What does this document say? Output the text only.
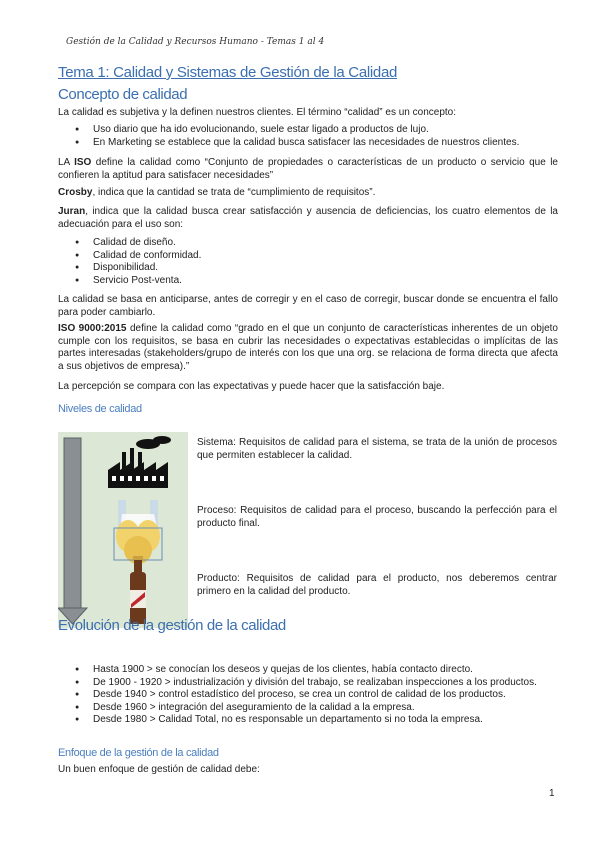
Gestión de la Calidad y Recursos Humano - Temas 1 al 4
Tema 1: Calidad y Sistemas de Gestión de la Calidad
Concepto de calidad
La calidad es subjetiva y la definen nuestros clientes. El término “calidad” es un concepto:
● Uso diario que ha ido evolucionando, suele estar ligado a productos de lujo.
● En Marketing se establece que la calidad busca satisfacer las necesidades de nuestros clientes.
LA ISO define la calidad como “Conjunto de propiedades o características de un producto o servicio que le confieren la aptitud para satisfacer necesidades”
Crosby, indica que la cantidad se trata de “cumplimiento de requisitos”.
Juran, indica que la calidad busca crear satisfacción y ausencia de deficiencias, los cuatro elementos de la adecuación para el uso son:
● Calidad de diseño.
● Calidad de conformidad.
● Disponibilidad.
● Servicio Post-venta.
La calidad se basa en anticiparse, antes de corregir y en el caso de corregir, buscar donde se encuentra el fallo para poder cambiarlo.
ISO 9000:2015 define la calidad como “grado en el que un conjunto de características inherentes de un objeto cumple con los requisitos, se basa en cubrir las necesidades o expectativas establecidas o implícitas de las partes interesadas (stakeholders/grupo de interés con los que una org. se relaciona de forma directa que afecta a sus objetivos de empresa).”
La percepción se compara con las expectativas y puede hacer que la satisfacción baje.
Niveles de calidad
Sistema: Requisitos de calidad para el sistema, se trata de la unión de procesos que permiten establecer la calidad.
Proceso: Requisitos de calidad para el proceso, buscando la perfección para el producto final.
Producto: Requisitos de calidad para el producto, nos deberemos centrar primero en la calidad del producto.
Evolución de la gestión de la calidad
● Hasta 1900 > se conocían los deseos y quejas de los clientes, había contacto directo.
● De 1900 - 1920 > industrialización y división del trabajo, se realizaban inspecciones a los productos.
● Desde 1940 > control estadístico del proceso, se crea un control de calidad de los productos.
● Desde 1960 > integración del aseguramiento de la calidad a la empresa.
● Desde 1980 > Calidad Total, no es responsable un departamento si no toda la empresa.
Enfoque de la gestión de la calidad
Un buen enfoque de gestión de calidad debe:
1
